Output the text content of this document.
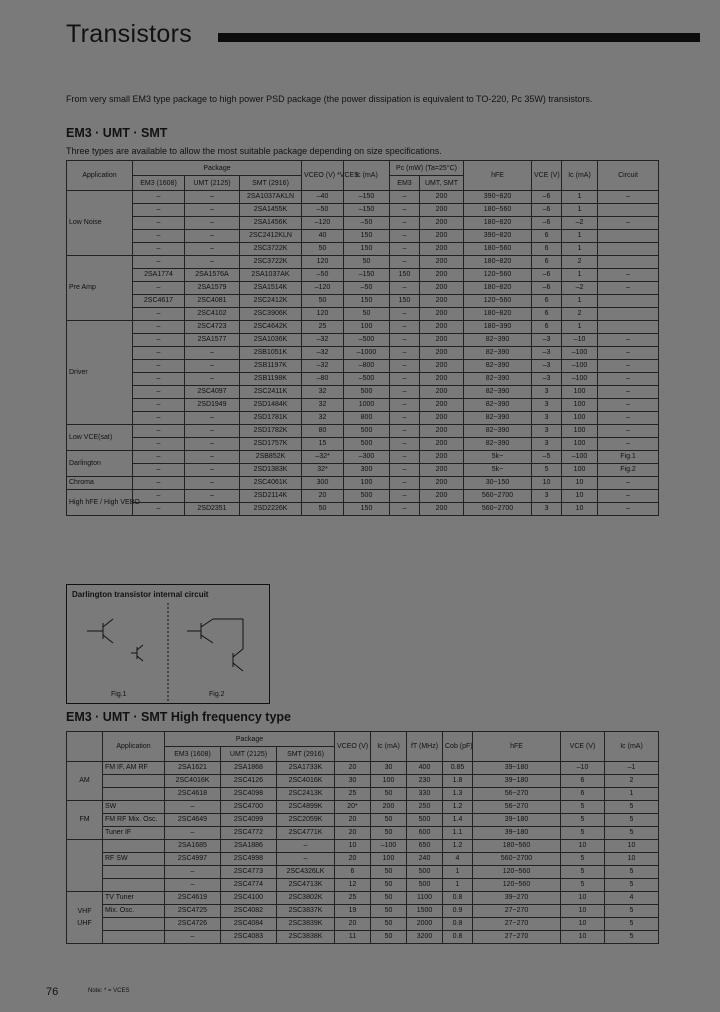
Transistors
From very small EM3 type package to high power PSD package (the power dissipation is equivalent to TO-220, Pc 35W) transistors.
EM3 · UMT · SMT
Three types are available to allow the most suitable package depending on size specifications.
Application	Package			VCEO (V) *VCES	Ic (mA)	Pc (mW) (Ta=25°C)		hFE	VCE (V)	Ic (mA)	Circuit
	EM3 (1608)	UMT (2125)	SMT (2916)			EM3	UMT, SMT				
Low Noise	–	–	2SA1037AKLN	–40	–150	–	200	390~820	–6	1	–
	–	–	2SA1455K	–50	–150	–	200	180~560	–6	1	
	–	–	2SA1456K	–120	–50	–	200	180~820	–6	–2	–
	–	–	2SC2412KLN	40	150	–	200	390~820	6	1	
	–	–	2SC3722K	50	150	–	200	180~560	6	1	
Pre Amp	–	–	2SC3722K	120	50	–	200	180~820	6	2	
	2SA1774	2SA1576A	2SA1037AK	–50	–150	150	200	120~560	–6	1	–
	–	2SA1579	2SA1514K	–120	–50	–	200	180~820	–6	–2	–
	2SC4617	2SC4081	2SC2412K	50	150	150	200	120~560	6	1	
	–	2SC4102	2SC3906K	120	50	–	200	180~820	6	2	
Driver	–	2SC4723	2SC4642K	25	100	–	200	180~390	6	1	
	–	2SA1577	2SA1036K	–32	–500	–	200	82~390	–3	–10	–
	–	–	2SB1051K	–32	–1000	–	200	82~390	–3	–100	–
	–	–	2SB1197K	–32	–800	–	200	82~390	–3	–100	–
	–	–	2SB1198K	–80	–500	–	200	82~390	–3	–100	–
	–	2SC4097	2SC2411K	32	500	–	200	82~390	3	100	–
	–	2SD1949	2SD1484K	32	1000	–	200	82~390	3	100	–
	–	–	2SD1781K	32	800	–	200	82~390	3	100	–
Low VCE(sat)	–	–	2SD1782K	80	500	–	200	82~390	3	100	–
	–	–	2SD1757K	15	500	–	200	82~390	3	100	–
Darlington	–	–	2SB852K	–32*	–300	–	200	5k~	–5	–100	Fig.1
	–	–	2SD1383K	32*	300	–	200	5k~	5	100	Fig.2
Chroma	–	–	2SC4061K	300	100	–	200	30~150	10	10	–
High hFE / High VEBO	–	–	2SD2114K	20	500	–	200	560~2700	3	10	–
	–	2SD2351	2SD2226K	50	150	–	200	560~2700	3	10	–
Darlington transistor internal circuit
Fig.1	Fig.2
EM3 · UMT · SMT High frequency type
	Application	Package			VCEO (V)	Ic (mA)	fT (MHz)	Cob (pF)	hFE	VCE (V)	Ic (mA)
		EM3 (1608)	UMT (2125)	SMT (2916)							
AM	FM IF, AM RF	2SA1621	2SA1868	2SA1733K	20	30	400	0.85	39~180	–10	–1
		2SC4016K	2SC4126	2SC4016K	30	100	230	1.8	39~180	6	2
		2SC4618	2SC4098	2SC2413K	25	50	330	1.3	56~270	6	1
FM	SW	–	2SC4700	2SC4899K	20*	200	250	1.2	56~270	5	5
	FM RF Mix. Osc.	2SC4649	2SC4099	2SC2059K	20	50	500	1.4	39~180	5	5
	Tuner IF	–	2SC4772	2SC4771K	20	50	600	1.1	39~180	5	5
		2SA1685	2SA1886	–	10	–100	650	1.2	180~560	10	10
	RF SW	2SC4997	2SC4998	–	20	100	240	4	560~2700	5	10
		–	2SC4773	2SC4326LK	6	50	500	1	120~560	5	5
		–	2SC4774	2SC4713K	12	50	500	1	120~560	5	5
VHF
UHF	TV Tuner	2SC4619	2SC4100	2SC3802K	25	50	1100	0.8	39~270	10	4
	Mix. Osc.	2SC4725	2SC4082	2SC3837K	19	50	1500	0.9	27~270	10	5
		2SC4726	2SC4084	2SC3839K	20	50	2000	0.8	27~270	10	5
		–	2SC4083	2SC3838K	11	50	3200	0.8	27~270	10	5
76	Note: * = VCES
